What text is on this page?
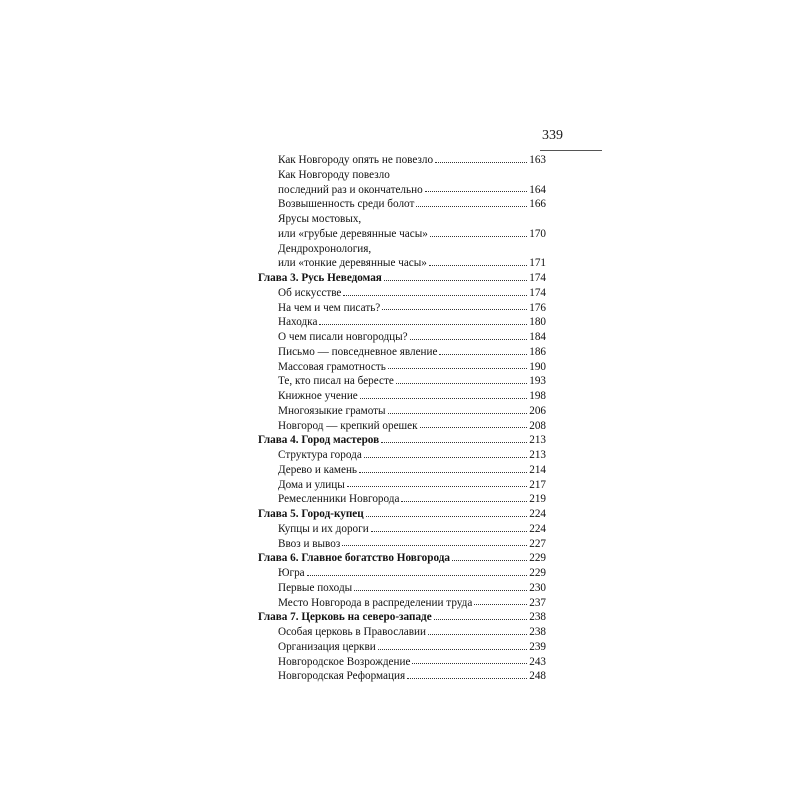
339
Как Новгороду опять не повезло	163
Как Новгороду повезло
последний раз и окончательно	164
Возвышенность среди болот	166
Ярусы мостовых,
или «грубые деревянные часы»	170
Дендрохронология,
или «тонкие деревянные часы»	171
Глава 3. Русь Неведомая	174
Об искусстве	174
На чем и чем писать?	176
Находка	180
О чем писали новгородцы?	184
Письмо — повседневное явление	186
Массовая грамотность	190
Те, кто писал на бересте	193
Книжное учение	198
Многоязыкие грамоты	206
Новгород — крепкий орешек	208
Глава 4. Город мастеров	213
Структура города	213
Дерево и камень	214
Дома и улицы	217
Ремесленники Новгорода	219
Глава 5. Город-купец	224
Купцы и их дороги	224
Ввоз и вывоз	227
Глава 6. Главное богатство Новгорода	229
Югра	229
Первые походы	230
Место Новгорода в распределении труда	237
Глава 7. Церковь на северо-западе	238
Особая церковь в Православии	238
Организация церкви	239
Новгородское Возрождение	243
Новгородская Реформация	248
